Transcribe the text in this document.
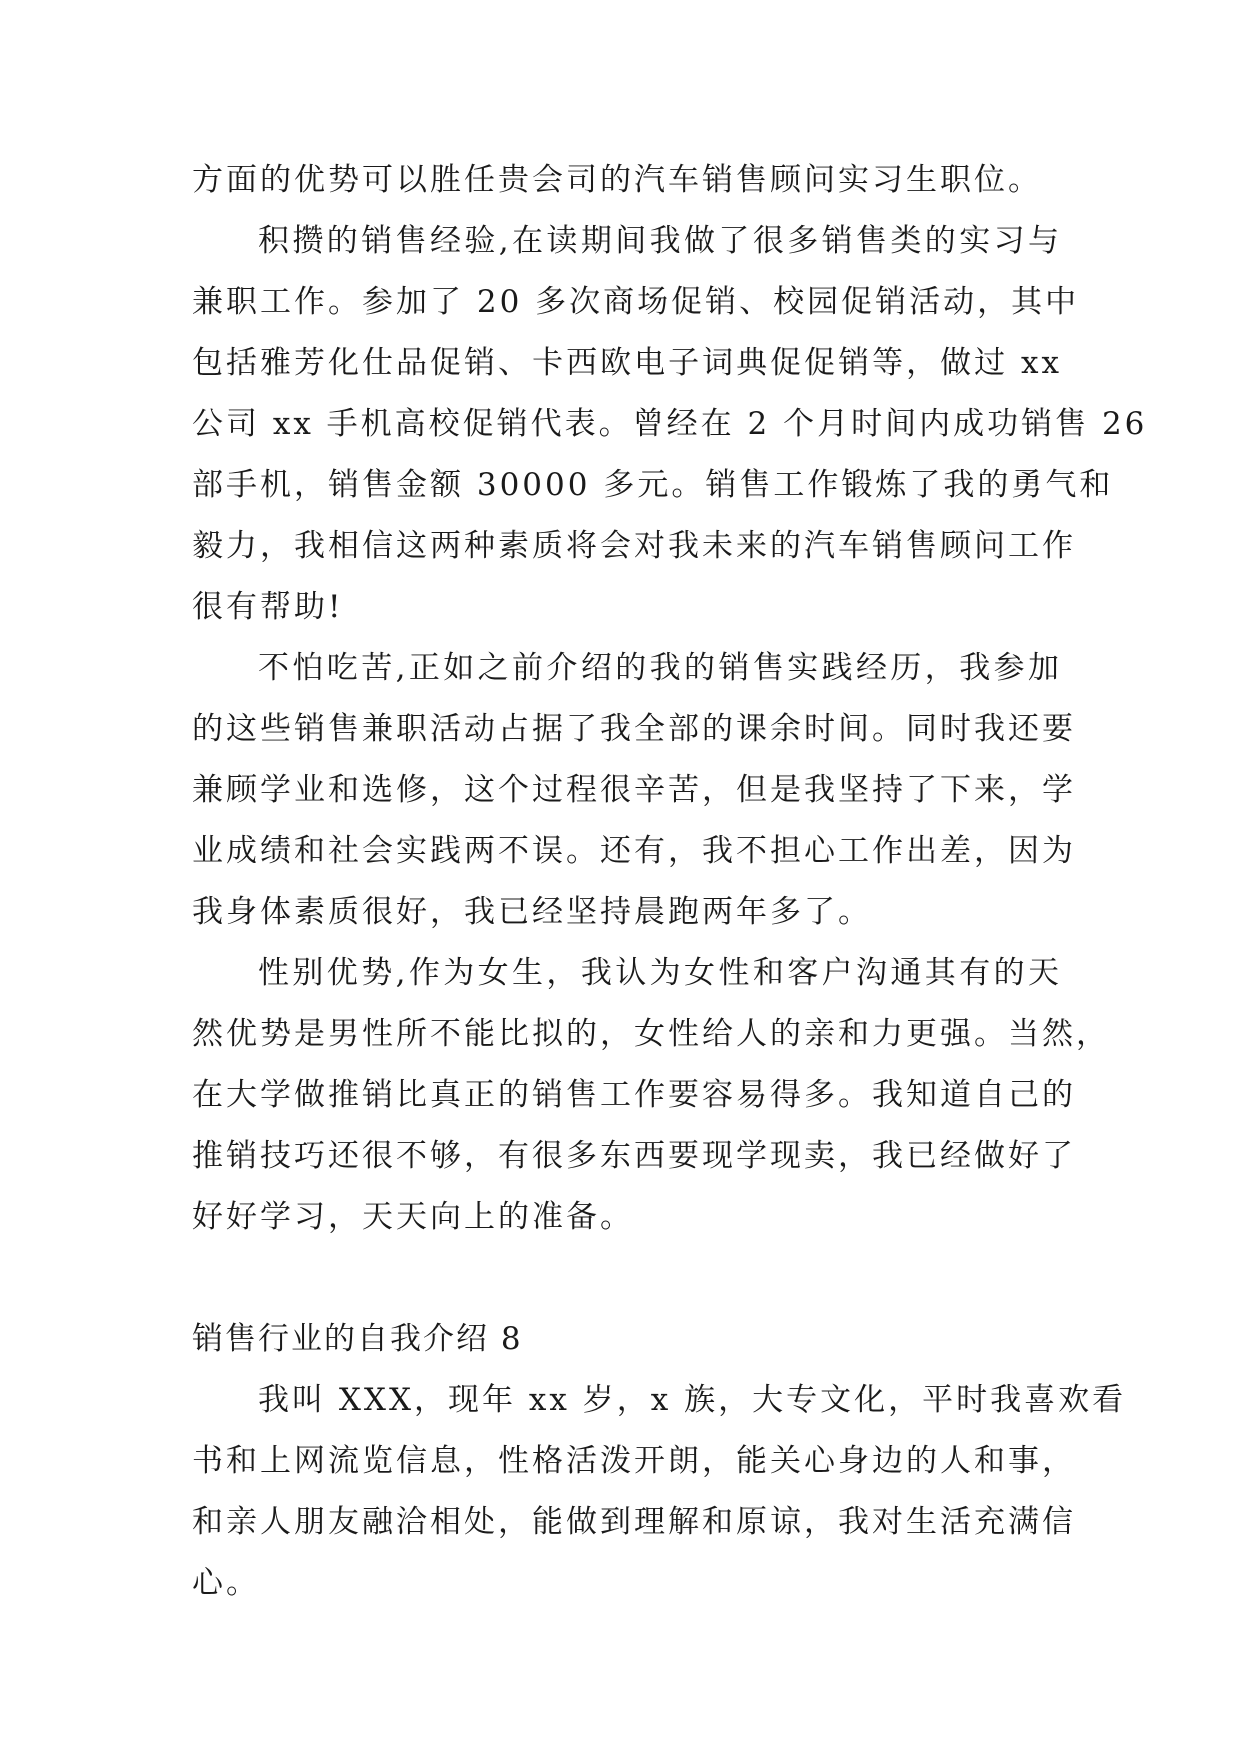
方面的优势可以胜任贵会司的汽车销售顾问实习生职位。
积攒的销售经验,在读期间我做了很多销售类的实习与
兼职工作。参加了 20 多次商场促销、校园促销活动，其中
包括雅芳化仕品促销、卡西欧电子词典促促销等，做过 xx
公司 xx 手机高校促销代表。曾经在 2 个月时间内成功销售 26
部手机，销售金额 30000 多元。销售工作锻炼了我的勇气和
毅力，我相信这两种素质将会对我未来的汽车销售顾问工作
很有帮助!
不怕吃苦,正如之前介绍的我的销售实践经历，我参加
的这些销售兼职活动占据了我全部的课余时间。同时我还要
兼顾学业和选修，这个过程很辛苦，但是我坚持了下来，学
业成绩和社会实践两不误。还有，我不担心工作出差，因为
我身体素质很好，我已经坚持晨跑两年多了。
性别优势,作为女生，我认为女性和客户沟通其有的天
然优势是男性所不能比拟的，女性给人的亲和力更强。当然，
在大学做推销比真正的销售工作要容易得多。我知道自己的
推销技巧还很不够，有很多东西要现学现卖，我已经做好了
好好学习，天天向上的准备。
销售行业的自我介绍 8
我叫 XXX，现年 xx 岁，x 族，大专文化，平时我喜欢看
书和上网流览信息，性格活泼开朗，能关心身边的人和事，
和亲人朋友融洽相处，能做到理解和原谅，我对生活充满信
心。
